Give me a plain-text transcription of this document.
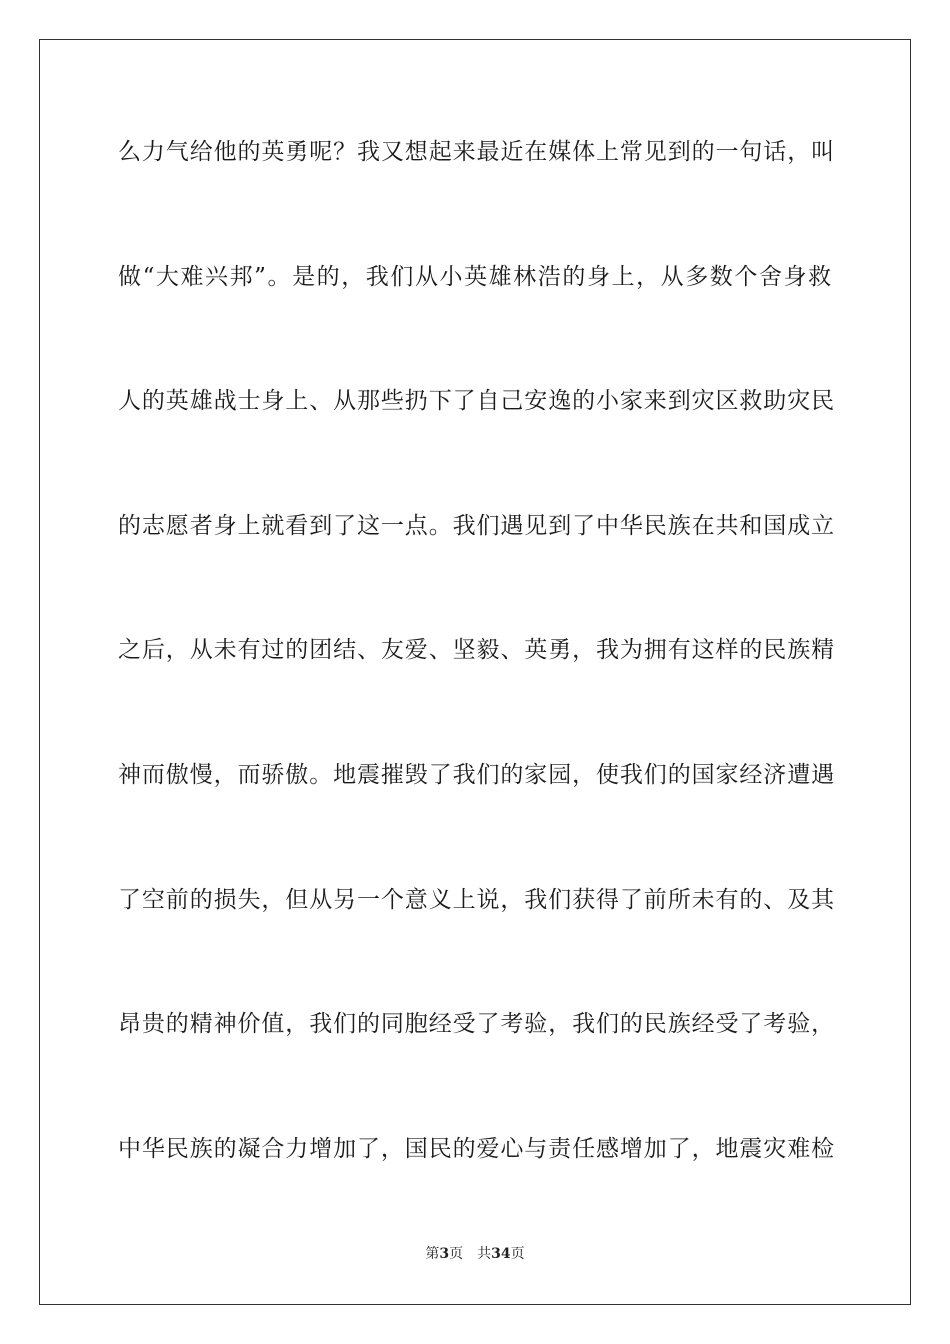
么力气给他的英勇呢？我又想起来最近在媒体上常见到的一句话，叫
做“大难兴邦”。是的，我们从小英雄林浩的身上，从多数个舍身救
人的英雄战士身上、从那些扔下了自己安逸的小家来到灾区救助灾民
的志愿者身上就看到了这一点。我们遇见到了中华民族在共和国成立
之后，从未有过的团结、友爱、坚毅、英勇，我为拥有这样的民族精
神而傲慢，而骄傲。地震摧毁了我们的家园，使我们的国家经济遭遇
了空前的损失，但从另一个意义上说，我们获得了前所未有的、及其
昂贵的精神价值，我们的同胞经受了考验，我们的民族经受了考验，
中华民族的凝合力增加了，国民的爱心与责任感增加了，地震灾难检
第3页 共34页
